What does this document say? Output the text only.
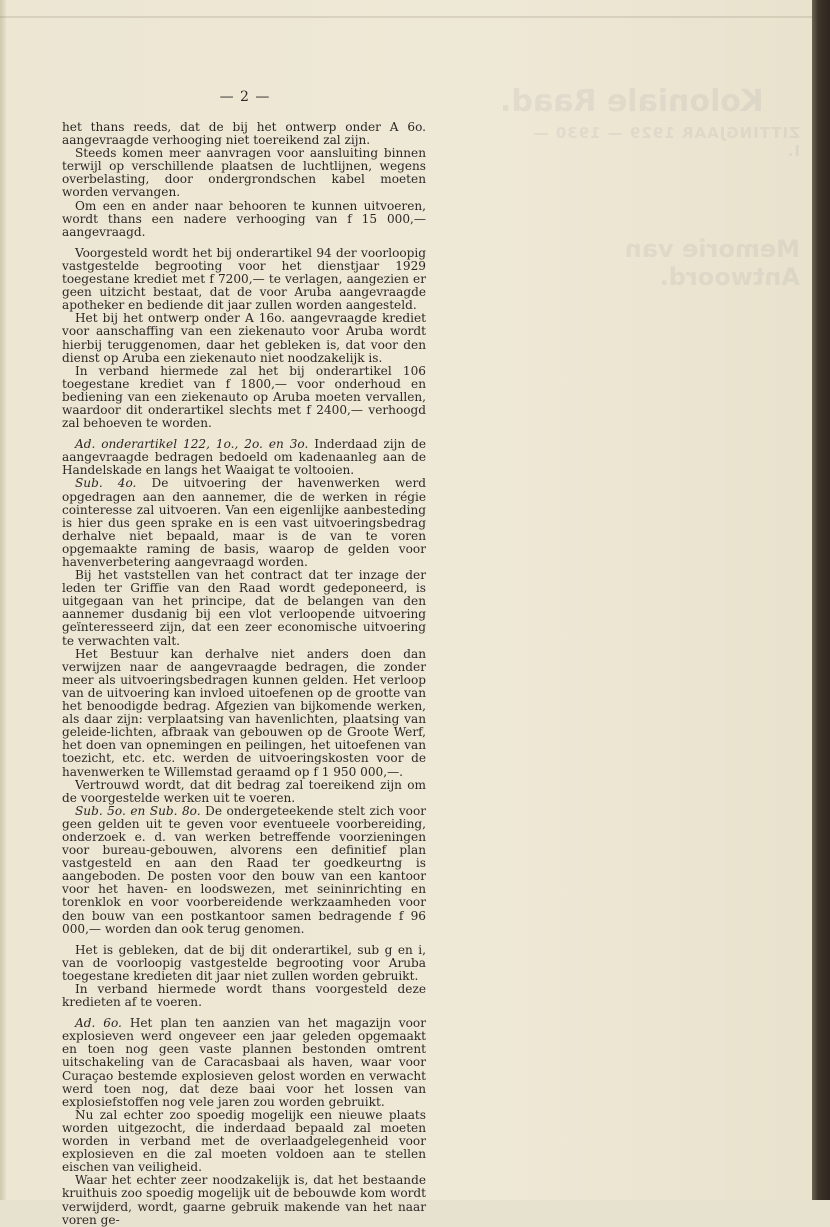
Koloniale Raad.
ZITTINGJAAR 1929 — 1930 — I.
Memorie van Antwoord.
— 2 —

het thans reeds, dat de bij het ontwerp onder A 6o. aangevraagde verhooging niet toereikend zal zijn.

Steeds komen meer aanvragen voor aansluiting binnen terwijl op verschillende plaatsen de luchtlijnen, wegens overbelasting, door ondergrondschen kabel moeten worden vervangen.

Om een en ander naar behooren te kunnen uitvoeren, wordt thans een nadere verhooging van f 15 000,— aangevraagd.

Voorgesteld wordt het bij onderartikel 94 der voorloopig vastgestelde begrooting voor het dienstjaar 1929 toegestane krediet met f 7200,— te verlagen, aangezien er geen uitzicht bestaat, dat de voor Aruba aangevraagde apotheker en bediende dit jaar zullen worden aangesteld.

Het bij het ontwerp onder A 16o. aangevraagde krediet voor aanschaffing van een ziekenauto voor Aruba wordt hierbij teruggenomen, daar het gebleken is, dat voor den dienst op Aruba een ziekenauto niet noodzakelijk is.

In verband hiermede zal het bij onderartikel 106 toegestane krediet van f 1800,— voor onderhoud en bediening van een ziekenauto op Aruba moeten vervallen, waardoor dit onderartikel slechts met f 2400,— verhoogd zal behoeven te worden.

Ad. onderartikel 122, 1o., 2o. en 3o. Inderdaad zijn de aangevraagde bedragen bedoeld om kadenaanleg aan de Handelskade en langs het Waaigat te voltooien.

Sub. 4o. De uitvoering der havenwerken werd opgedragen aan den aannemer, die de werken in régie cointeresse zal uitvoeren. Van een eigenlijke aanbesteding is hier dus geen sprake en is een vast uitvoeringsbedrag derhalve niet bepaald, maar is de van te voren opgemaakte raming de basis, waarop de gelden voor havenverbetering aangevraagd worden.

Bij het vaststellen van het contract dat ter inzage der leden ter Griffie van den Raad wordt gedeponeerd, is uitgegaan van het principe, dat de belangen van den aannemer dusdanig bij een vlot verloopende uitvoering geïnteresseerd zijn, dat een zeer economische uitvoering te verwachten valt.

Het Bestuur kan derhalve niet anders doen dan verwijzen naar de aangevraagde bedragen, die zonder meer als uitvoeringsbedragen kunnen gelden. Het verloop van de uitvoering kan invloed uitoefenen op de grootte van het benoodigde bedrag. Afgezien van bijkomende werken, als daar zijn: verplaatsing van havenlichten, plaatsing van geleide-lichten, afbraak van gebouwen op de Groote Werf, het doen van opnemingen en peilingen, het uitoefenen van toezicht, etc. etc. werden de uitvoeringskosten voor de havenwerken te Willemstad geraamd op f 1 950 000,—.

Vertrouwd wordt, dat dit bedrag zal toereikend zijn om de voorgestelde werken uit te voeren.

Sub. 5o. en Sub. 8o. De ondergeteekende stelt zich voor geen gelden uit te geven voor eventueele voorbereiding, onderzoek e. d. van werken betreffende voorzieningen voor bureau-gebouwen, alvorens een definitief plan vastgesteld en aan den Raad ter goedkeurtng is aangeboden. De posten voor den bouw van een kantoor voor het haven- en loodswezen, met seininrichting en torenklok en voor voorbereidende werkzaamheden voor den bouw van een postkantoor samen bedragende f 96 000,— worden dan ook terug genomen.

Het is gebleken, dat de bij dit onderartikel, sub g en i, van de voorloopig vastgestelde begrooting voor Aruba toegestane kredieten dit jaar niet zullen worden gebruikt.

In verband hiermede wordt thans voorgesteld deze kredieten af te voeren.

Ad. 6o. Het plan ten aanzien van het magazijn voor explosieven werd ongeveer een jaar geleden opgemaakt en toen nog geen vaste plannen bestonden omtrent uitschakeling van de Caracasbaai als haven, waar voor Curaçao bestemde explosieven gelost worden en verwacht werd toen nog, dat deze baai voor het lossen van explosiefstoffen nog vele jaren zou worden gebruikt.

Nu zal echter zoo spoedig mogelijk een nieuwe plaats worden uitgezocht, die inderdaad bepaald zal moeten worden in verband met de overlaadgelegenheid voor explosieven en die zal moeten voldoen aan te stellen eischen van veiligheid.

Waar het echter zeer noodzakelijk is, dat het bestaande kruithuis zoo spoedig mogelijk uit de bebouwde kom wordt verwijderd, wordt, gaarne gebruik makende van het naar voren ge-
